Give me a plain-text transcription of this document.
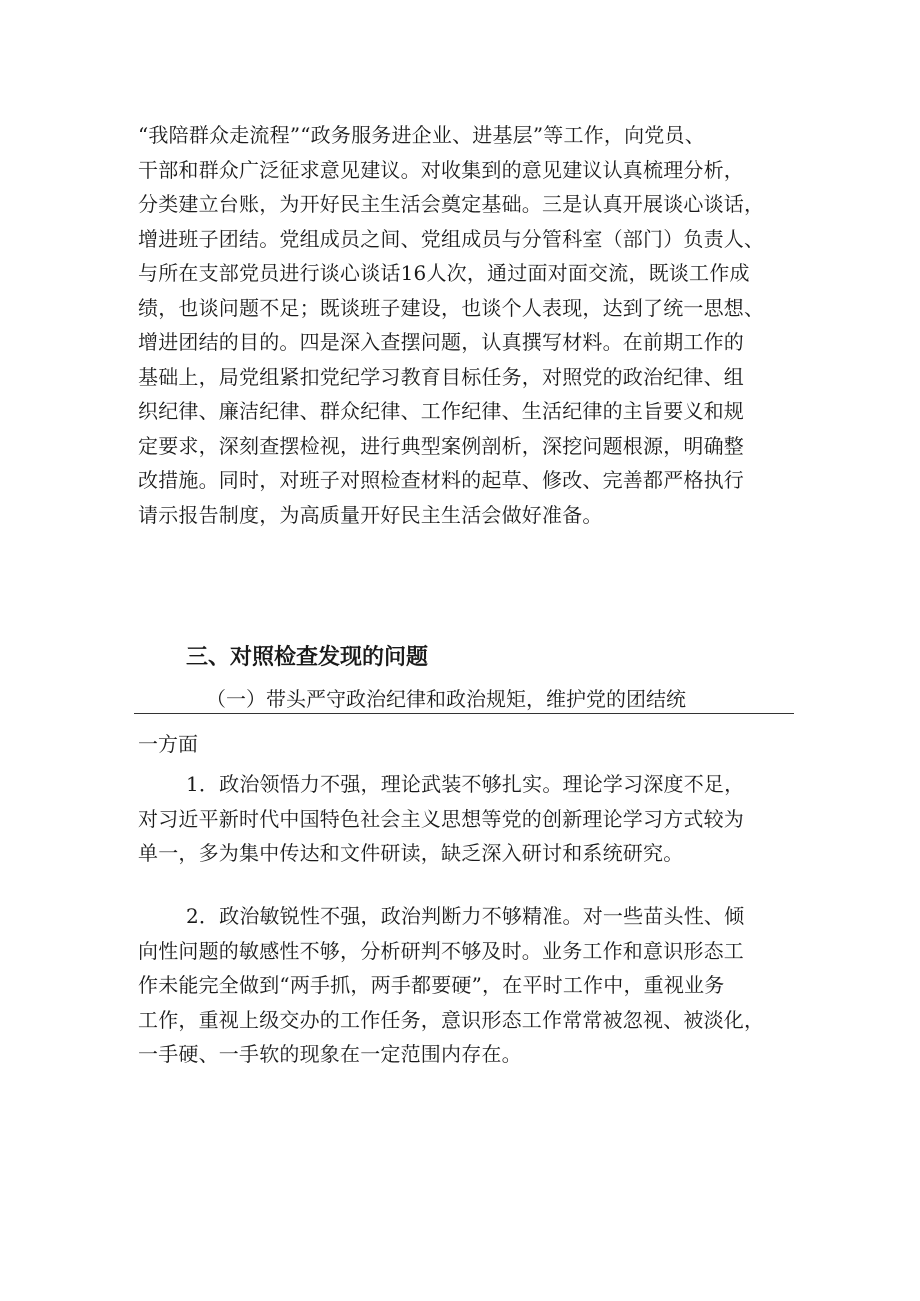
“我陪群众走流程”“政务服务进企业、进基层”等工作，向党员、
干部和群众广泛征求意见建议。对收集到的意见建议认真梳理分析，
分类建立台账，为开好民主生活会奠定基础。三是认真开展谈心谈话，
增进班子团结。党组成员之间、党组成员与分管科室（部门）负责人、
与所在支部党员进行谈心谈话16人次，通过面对面交流，既谈工作成
绩，也谈问题不足；既谈班子建设，也谈个人表现，达到了统一思想、
增进团结的目的。四是深入查摆问题，认真撰写材料。在前期工作的
基础上，局党组紧扣党纪学习教育目标任务，对照党的政治纪律、组
织纪律、廉洁纪律、群众纪律、工作纪律、生活纪律的主旨要义和规
定要求，深刻查摆检视，进行典型案例剖析，深挖问题根源，明确整
改措施。同时，对班子对照检查材料的起草、修改、完善都严格执行
请示报告制度，为高质量开好民主生活会做好准备。
三、对照检查发现的问题

（一）带头严守政治纪律和政治规矩，维护党的团结统

一方面

1．政治领悟力不强，理论武装不够扎实。理论学习深度不足，
对习近平新时代中国特色社会主义思想等党的创新理论学习方式较为
单一，多为集中传达和文件研读，缺乏深入研讨和系统研究。
2．政治敏锐性不强，政治判断力不够精准。对一些苗头性、倾
向性问题的敏感性不够，分析研判不够及时。业务工作和意识形态工
作未能完全做到“两手抓，两手都要硬”，在平时工作中，重视业务
工作，重视上级交办的工作任务，意识形态工作常常被忽视、被淡化，
一手硬、一手软的现象在一定范围内存在。
